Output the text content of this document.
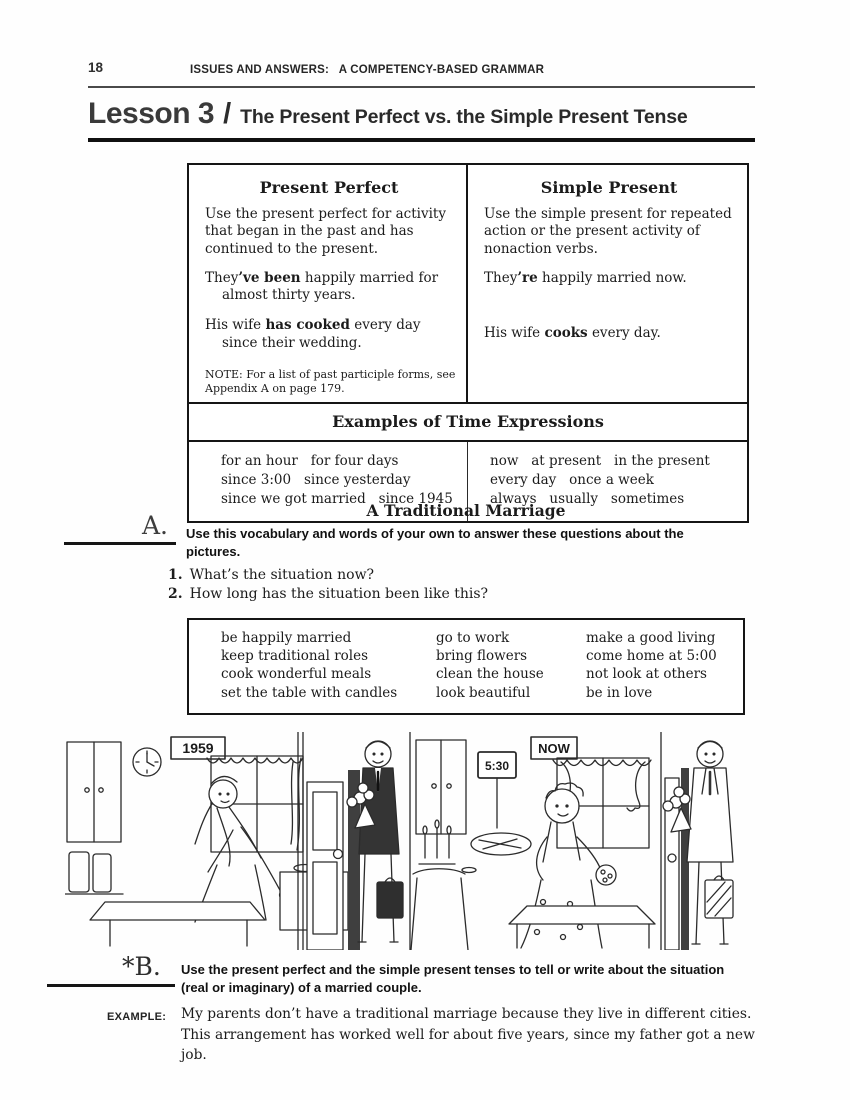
18	ISSUES AND ANSWERS:   A COMPETENCY-BASED GRAMMAR
Lesson 3 / The Present Perfect vs. the Simple Present Tense
Present Perfect

Use the present perfect for activity that began in the past and has continued to the present.

They’ve been happily married for almost thirty years.

His wife has cooked every day since their wedding.

NOTE: For a list of past participle forms, see Appendix A on page 179.
Simple Present

Use the simple present for repeated action or the present activity of nonaction verbs.

They’re happily married now.

His wife cooks every day.

Examples of Time Expressions
for an hour   for four days
since 3:00   since yesterday
since we got married   since 1945
now   at present   in the present
every day   once a week
always   usually   sometimes
A Traditional Marriage
A. Use this vocabulary and words of your own to answer these questions about the pictures.
1. What’s the situation now?
2. How long has the situation been like this?
be happily married
keep traditional roles
cook wonderful meals
set the table with candles
go to work
bring flowers
clean the house
look beautiful
make a good living
come home at 5:00
not look at others
be in love
1959
5:30
NOW
*B. Use the present perfect and the simple present tenses to tell or write about the situation (real or imaginary) of a married couple.
EXAMPLE: My parents don’t have a traditional marriage because they live in different cities. This arrangement has worked well for about five years, since my father got a new job.
